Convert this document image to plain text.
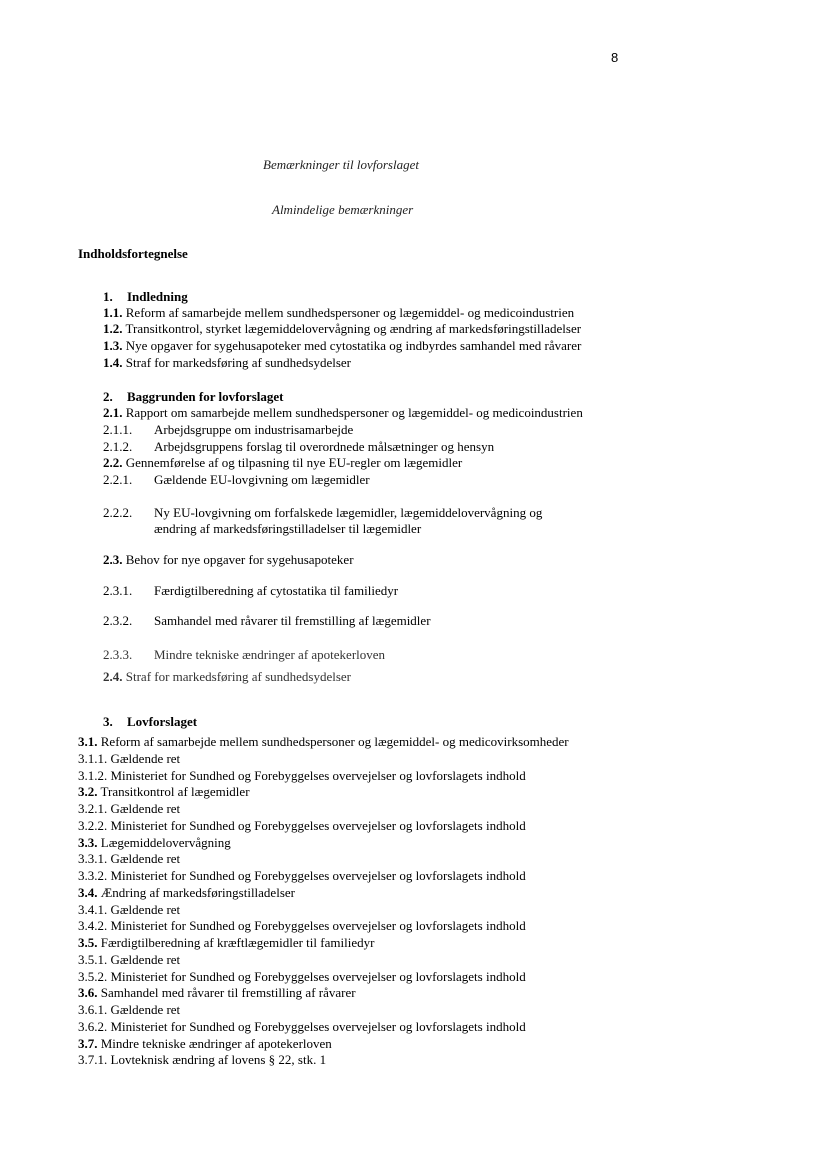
8
Bemærkninger til lovforslaget
Almindelige bemærkninger
Indholdsfortegnelse
1. Indledning
1.1. Reform af samarbejde mellem sundhedspersoner og lægemiddel- og medicoindustrien
1.2. Transitkontrol, styrket lægemiddelovervågning og ændring af markedsføringstilladelser
1.3. Nye opgaver for sygehusapoteker med cytostatika og indbyrdes samhandel med råvarer
1.4. Straf for markedsføring af sundhedsydelser
2. Baggrunden for lovforslaget
2.1. Rapport om samarbejde mellem sundhedspersoner og lægemiddel- og medicoindustrien
2.1.1. Arbejdsgruppe om industrisamarbejde
2.1.2. Arbejdsgruppens forslag til overordnede målsætninger og hensyn
2.2. Gennemførelse af og tilpasning til nye EU-regler om lægemidler
2.2.1. Gældende EU-lovgivning om lægemidler
2.2.2. Ny EU-lovgivning om forfalskede lægemidler, lægemiddelovervågning og
ændring af markedsføringstilladelser til lægemidler
2.3. Behov for nye opgaver for sygehusapoteker
2.3.1. Færdigtilberedning af cytostatika til familiedyr
2.3.2. Samhandel med råvarer til fremstilling af lægemidler
2.3.3. Mindre tekniske ændringer af apotekerloven
2.4. Straf for markedsføring af sundhedsydelser
3. Lovforslaget
3.1. Reform af samarbejde mellem sundhedspersoner og lægemiddel- og medicovirksomheder
3.1.1. Gældende ret
3.1.2. Ministeriet for Sundhed og Forebyggelses overvejelser og lovforslagets indhold
3.2. Transitkontrol af lægemidler
3.2.1. Gældende ret
3.2.2. Ministeriet for Sundhed og Forebyggelses overvejelser og lovforslagets indhold
3.3. Lægemiddelovervågning
3.3.1. Gældende ret
3.3.2. Ministeriet for Sundhed og Forebyggelses overvejelser og lovforslagets indhold
3.4. Ændring af markedsføringstilladelser
3.4.1. Gældende ret
3.4.2. Ministeriet for Sundhed og Forebyggelses overvejelser og lovforslagets indhold
3.5. Færdigtilberedning af kræftlægemidler til familiedyr
3.5.1. Gældende ret
3.5.2. Ministeriet for Sundhed og Forebyggelses overvejelser og lovforslagets indhold
3.6. Samhandel med råvarer til fremstilling af råvarer
3.6.1. Gældende ret
3.6.2. Ministeriet for Sundhed og Forebyggelses overvejelser og lovforslagets indhold
3.7. Mindre tekniske ændringer af apotekerloven
3.7.1. Lovteknisk ændring af lovens § 22, stk. 1
